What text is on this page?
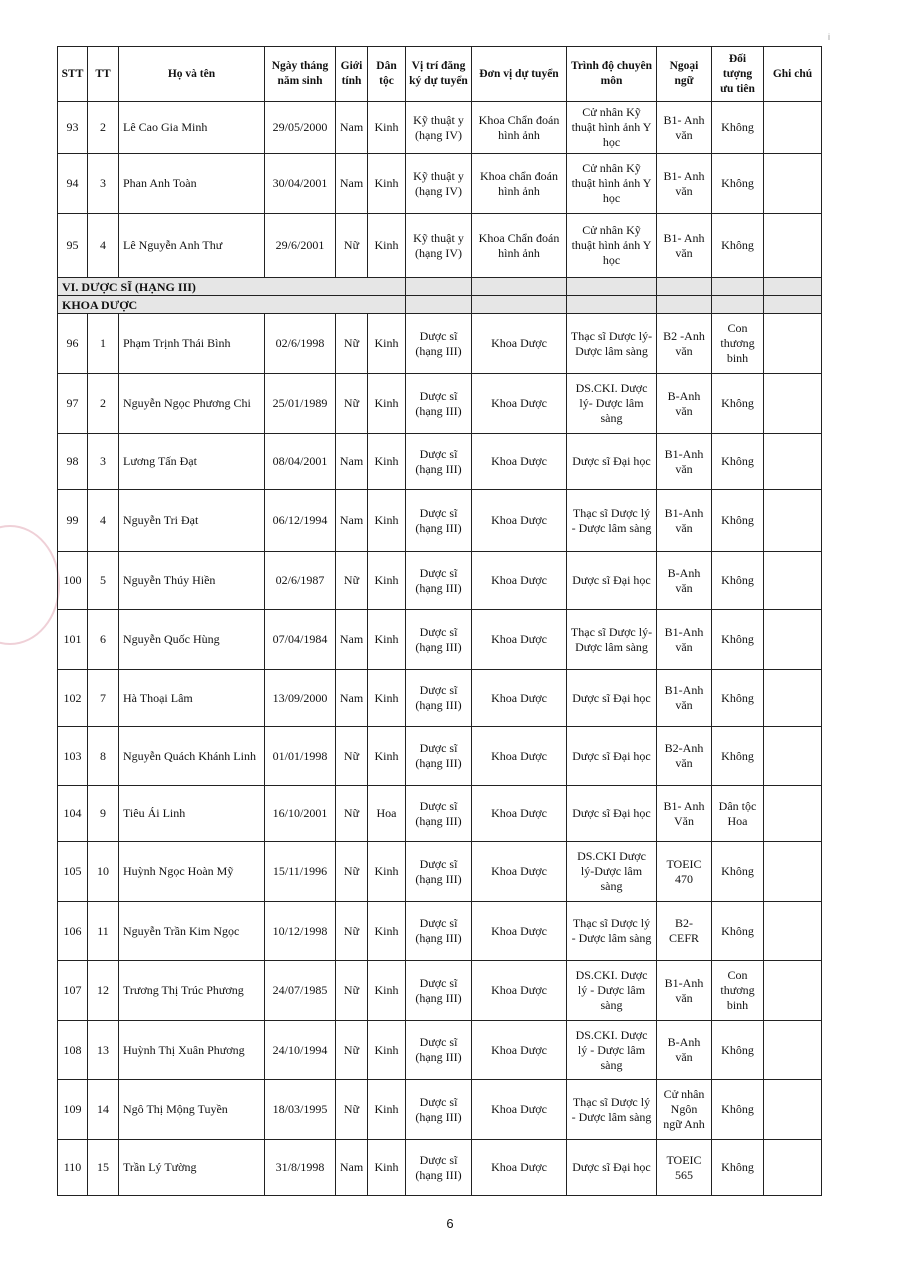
i
STT	TT	Họ và tên	Ngày tháng năm sinh	Giới tính	Dân tộc	Vị trí đăng ký dự tuyển	Đơn vị dự tuyển	Trình độ chuyên môn	Ngoại ngữ	Đối tượng ưu tiên	Ghi chú
93	2	Lê Cao Gia Minh	29/05/2000	Nam	Kinh	Kỹ thuật y (hạng IV)	Khoa Chẩn đoán hình ảnh	Cử nhân Kỹ thuật hình ảnh Y học	B1- Anh văn	Không	
94	3	Phan Anh Toàn	30/04/2001	Nam	Kinh	Kỹ thuật y (hạng IV)	Khoa chẩn đoán hình ảnh	Cử nhân Kỹ thuật hình ảnh Y học	B1- Anh văn	Không	
95	4	Lê Nguyễn Anh Thư	29/6/2001	Nữ	Kinh	Kỹ thuật y (hạng IV)	Khoa Chẩn đoán hình ảnh	Cử nhân Kỹ thuật hình ảnh Y học	B1- Anh văn	Không	
VI. DƯỢC SĨ (HẠNG III)											
KHOA DƯỢC											
96	1	Phạm Trịnh Thái Bình	02/6/1998	Nữ	Kinh	Dược sĩ (hạng III)	Khoa Dược	Thạc sĩ Dược lý- Dược lâm sàng	B2 -Anh văn	Con thương binh	
97	2	Nguyễn Ngọc Phương Chi	25/01/1989	Nữ	Kinh	Dược sĩ (hạng III)	Khoa Dược	DS.CKI. Dược lý- Dược lâm sàng	B-Anh văn	Không	
98	3	Lương Tấn Đạt	08/04/2001	Nam	Kinh	Dược sĩ (hạng III)	Khoa Dược	Dược sĩ Đại học	B1-Anh văn	Không	
99	4	Nguyễn Tri Đạt	06/12/1994	Nam	Kinh	Dược sĩ (hạng III)	Khoa Dược	Thạc sĩ Dược lý - Dược lâm sàng	B1-Anh văn	Không	
100	5	Nguyễn Thúy Hiền	02/6/1987	Nữ	Kinh	Dược sĩ (hạng III)	Khoa Dược	Dược sĩ Đại học	B-Anh văn	Không	
101	6	Nguyễn Quốc Hùng	07/04/1984	Nam	Kinh	Dược sĩ (hạng III)	Khoa Dược	Thạc sĩ Dược lý- Dược lâm sàng	B1-Anh văn	Không	
102	7	Hà Thoại Lâm	13/09/2000	Nam	Kinh	Dược sĩ (hạng III)	Khoa Dược	Dược sĩ Đại học	B1-Anh văn	Không	
103	8	Nguyễn Quách Khánh Linh	01/01/1998	Nữ	Kinh	Dược sĩ (hạng III)	Khoa Dược	Dược sĩ Đại học	B2-Anh văn	Không	
104	9	Tiêu Ái Linh	16/10/2001	Nữ	Hoa	Dược sĩ (hạng III)	Khoa Dược	Dược sĩ Đại học	B1- Anh Văn	Dân tộc Hoa	
105	10	Huỳnh Ngọc Hoàn Mỹ	15/11/1996	Nữ	Kinh	Dược sĩ (hạng III)	Khoa Dược	DS.CKI Dược lý-Dược lâm sàng	TOEIC 470	Không	
106	11	Nguyễn Trần Kim Ngọc	10/12/1998	Nữ	Kinh	Dược sĩ (hạng III)	Khoa Dược	Thạc sĩ Dược lý - Dược lâm sàng	B2- CEFR	Không	
107	12	Trương Thị Trúc Phương	24/07/1985	Nữ	Kinh	Dược sĩ (hạng III)	Khoa Dược	DS.CKI. Dược lý - Dược lâm sàng	B1-Anh văn	Con thương binh	
108	13	Huỳnh Thị Xuân Phương	24/10/1994	Nữ	Kinh	Dược sĩ (hạng III)	Khoa Dược	DS.CKI. Dược lý - Dược lâm sàng	B-Anh văn	Không	
109	14	Ngô Thị Mộng Tuyền	18/03/1995	Nữ	Kinh	Dược sĩ (hạng III)	Khoa Dược	Thạc sĩ Dược lý - Dược lâm sàng	Cử nhân Ngôn ngữ Anh	Không	
110	15	Trần Lý Tường	31/8/1998	Nam	Kinh	Dược sĩ (hạng III)	Khoa Dược	Dược sĩ Đại học	TOEIC 565	Không	
6
